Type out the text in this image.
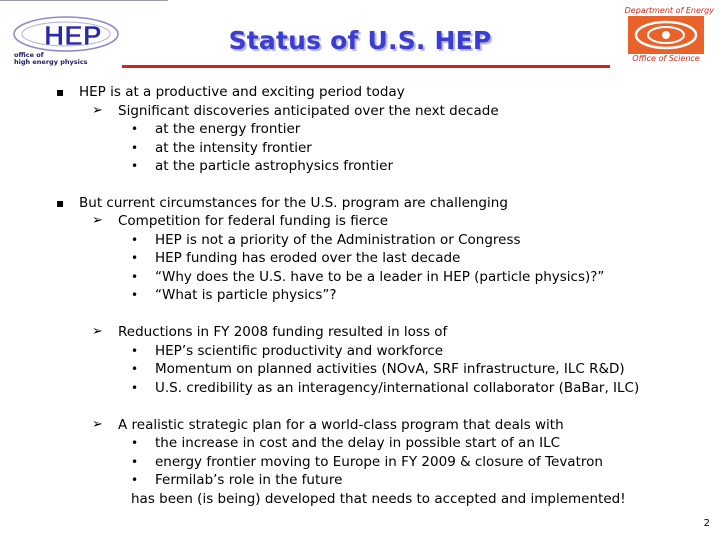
HEP
office of
high energy physics
Status of U.S. HEP
Department of Energy
Office of Science
▪ HEP is at a productive and exciting period today
➢ Significant discoveries anticipated over the next decade
• at the energy frontier
• at the intensity frontier
• at the particle astrophysics frontier
▪ But current circumstances for the U.S. program are challenging
➢ Competition for federal funding is fierce
• HEP is not a priority of the Administration or Congress
• HEP funding has eroded over the last decade
• “Why does the U.S. have to be a leader in HEP (particle physics)?”
• “What is particle physics”?
➢ Reductions in FY 2008 funding resulted in loss of
• HEP’s scientific productivity and workforce
• Momentum on planned activities (NOvA, SRF infrastructure, ILC R&D)
• U.S. credibility as an interagency/international collaborator (BaBar, ILC)
➢ A realistic strategic plan for a world-class program that deals with
• the increase in cost and the delay in possible start of an ILC
• energy frontier moving to Europe in FY 2009 & closure of Tevatron
• Fermilab’s role in the future
has been (is being) developed that needs to accepted and implemented!
2
